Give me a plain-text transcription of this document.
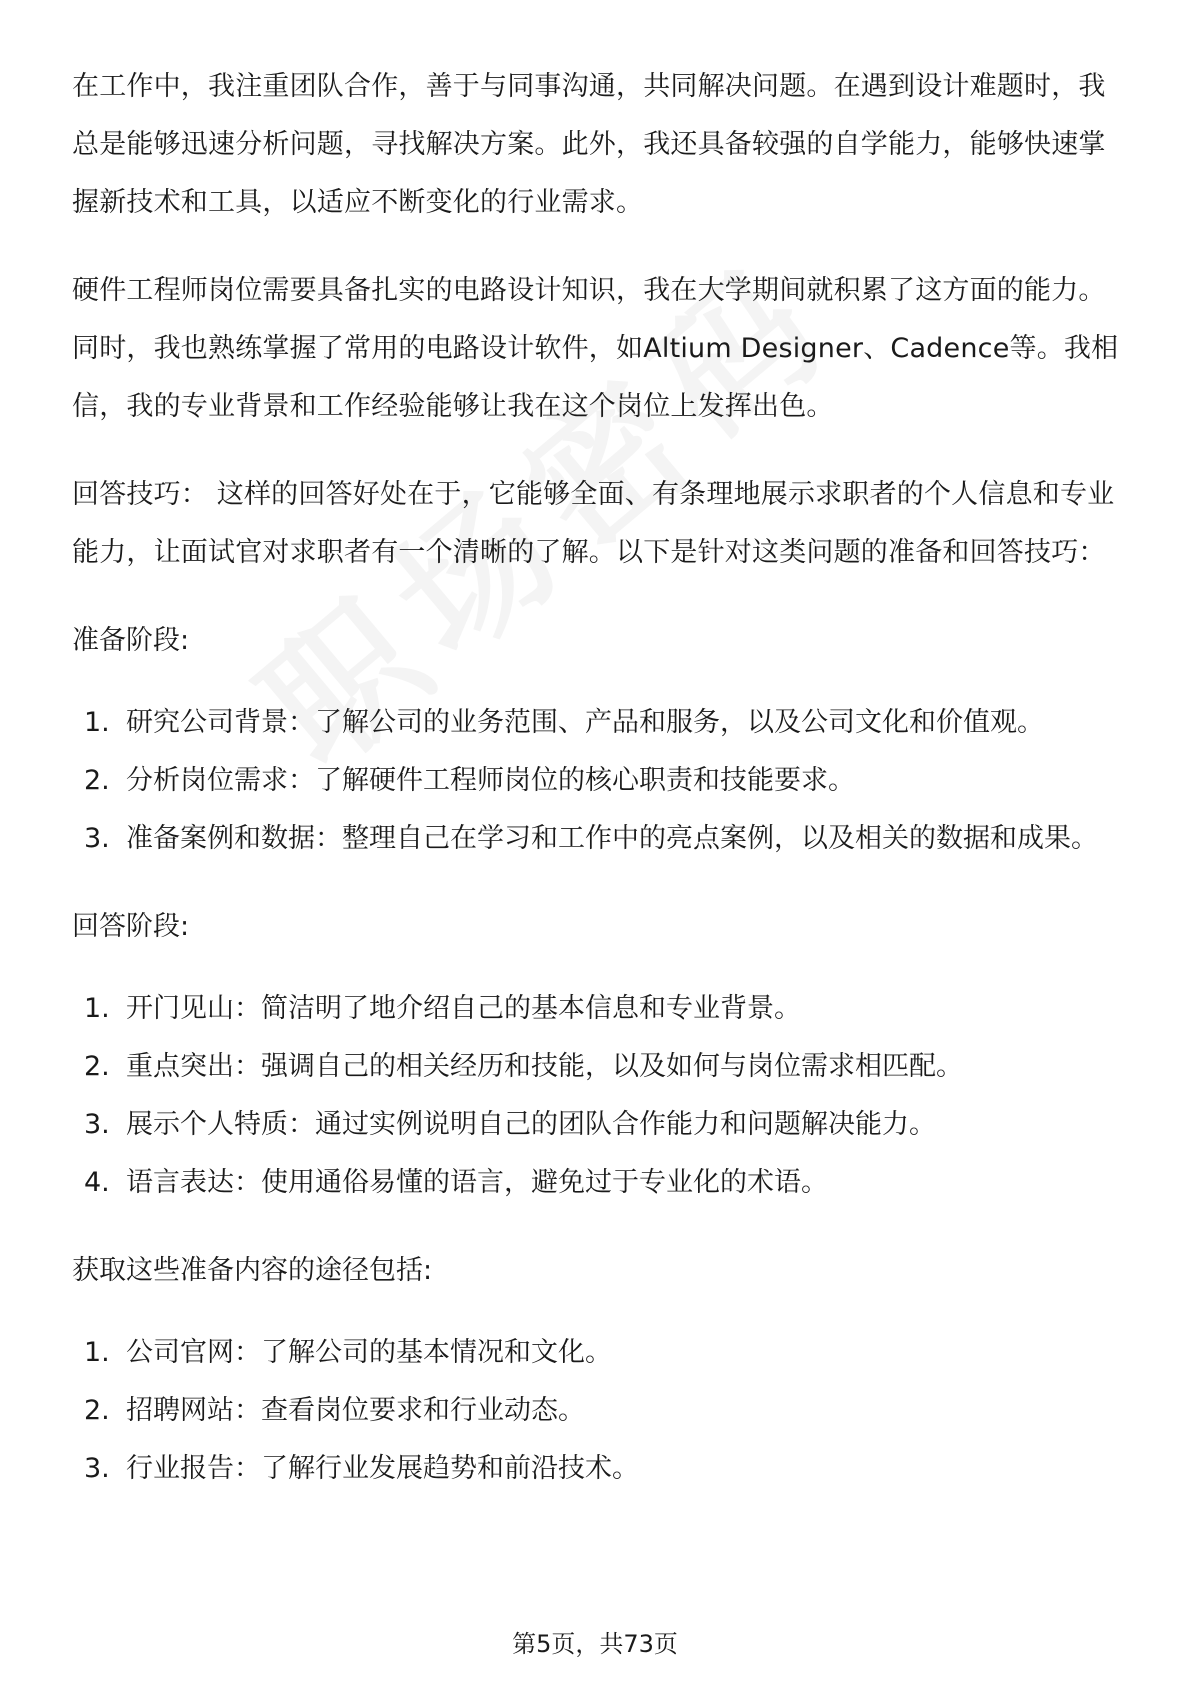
在工作中，我注重团队合作，善于与同事沟通，共同解决问题。在遇到设计难题时，我总是能够迅速分析问题，寻找解决方案。此外，我还具备较强的自学能力，能够快速掌握新技术和工具，以适应不断变化的行业需求。

硬件工程师岗位需要具备扎实的电路设计知识，我在大学期间就积累了这方面的能力。同时，我也熟练掌握了常用的电路设计软件，如Altium Designer、Cadence等。我相信，我的专业背景和工作经验能够让我在这个岗位上发挥出色。

回答技巧： 这样的回答好处在于，它能够全面、有条理地展示求职者的个人信息和专业能力，让面试官对求职者有一个清晰的了解。以下是针对这类问题的准备和回答技巧：

准备阶段:
1. 研究公司背景：了解公司的业务范围、产品和服务，以及公司文化和价值观。
2. 分析岗位需求：了解硬件工程师岗位的核心职责和技能要求。
3. 准备案例和数据：整理自己在学习和工作中的亮点案例，以及相关的数据和成果。
回答阶段:
1. 开门见山：简洁明了地介绍自己的基本信息和专业背景。
2. 重点突出：强调自己的相关经历和技能，以及如何与岗位需求相匹配。
3. 展示个人特质：通过实例说明自己的团队合作能力和问题解决能力。
4. 语言表达：使用通俗易懂的语言，避免过于专业化的术语。
获取这些准备内容的途径包括:
1. 公司官网：了解公司的基本情况和文化。
2. 招聘网站：查看岗位要求和行业动态。
3. 行业报告：了解行业发展趋势和前沿技术。
第5页，共73页
